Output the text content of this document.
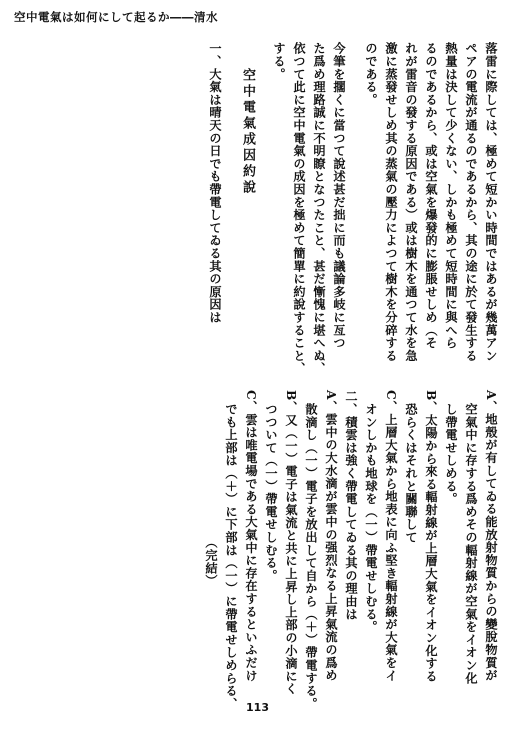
空中電氣は如何にして起るか――清水
落雷に際しては、極めて短かい時間ではあるが幾萬アン
ペアの電流が通るのであるから、其の途に於て發生する
熱量は決して少くない、しかも極めて短時間に與へら
るのであるから、或は空氣を爆發的に膨脹せしめ（そ
れが雷音の發する原因である）或は樹木を通つて水を急
激に蒸發せしめ其の蒸氣の壓力によつて樹木を分碎する
のである。
今筆を擱くに當つて說述甚だ拙に而も議論多岐に亙つ
た爲め理路誠に不明瞭となつたこと、甚だ慚愧に堪へぬ、
依つて此に空中電氣の成因を極めて簡單に約說すること、
する。
空中電氣成因約說
一、大氣は晴天の日でも帶電してゐる其の原因は
A、地殼が有してゐる能放射物質からの變脫物質が
　空氣中に存する爲めその輻射線が空氣をイオン化
　し帶電せしめる。
B、太陽から來る輻射線が上層大氣をイオン化する
　恐らくはそれと關聯して
C、上層大氣から地表に向ふ堅き輻射線が大氣をイ
　オンしかも地球を（一）帶電せしむる。
二、積雲は強く帶電してゐる其の理由は
A、雲中の大水滴が雲中の强烈なる上昇氣流の爲め
　散滴し（一）電子を放出して自から（＋）帶電する。
B、又（一）電子は氣流と共に上昇し上部の小滴にく
　つついて（一）帶電せしむる。
C、雲は唯電場である大氣中に存在するといふだけ
　でも上部は（＋）に下部は（一）に帶電せしめらる、
（完結）
113
